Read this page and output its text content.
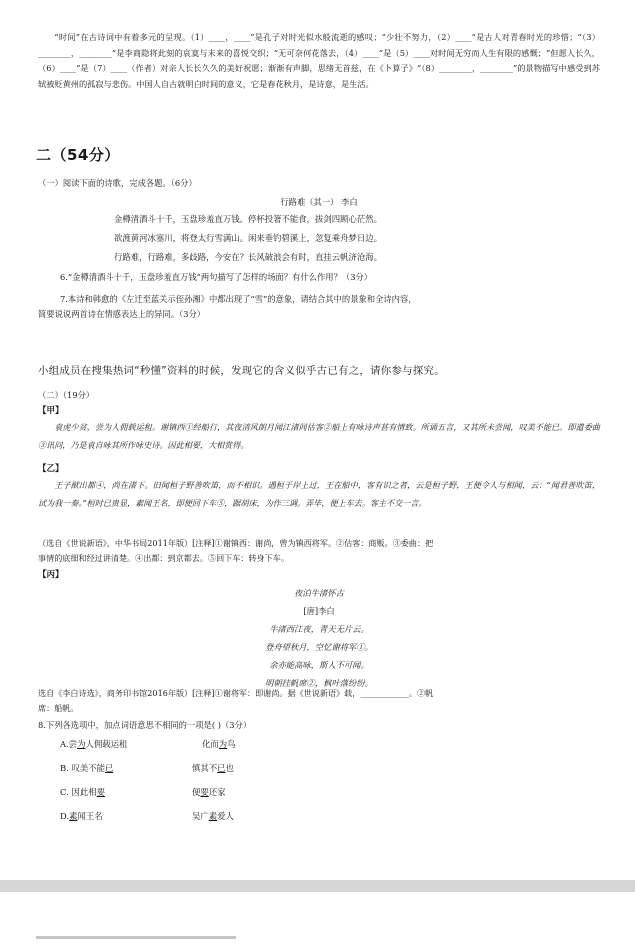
“时间”在古诗词中有着多元的呈现。（1）____，____”是孔子对时光似水般流逝的感叹；“少壮不努力，（2）____”是古人对青春时光的珍惜；“（3）________，________”是李商隐将此刻的哀寞与未来的喜悦交织；“无可奈何花落去，（4）____”是（5）____对时间无穷而人生有限的感慨；“但愿人长久，（6）____”是（7）____（作者）对亲人长长久久的美好祝愿；渐渐有声脚，思绪无首兹，在《卜算子》“（8）________，________”的景物描写中感受到苏轼被贬黄州的孤寂与悲伤。中国人自古就明白时间的意义，它是春花秋月，是诗意，是生活。

二（54分）
（一）阅读下面的诗歌，完成各题。（6分）
行路难（其一） 李白
金樽清酒斗十千，玉盘珍羞直万钱。停杯投箸不能食，拔剑四顾心茫然。
欲渡黄河冰塞川，将登太行雪满山。闲来垂钓碧溪上，忽复乘舟梦日边。
行路难，行路难，多歧路，今安在？长风破浪会有时，直挂云帆济沧海。
6.“金樽清酒斗十千，玉盘珍羞直万钱”两句描写了怎样的场面？有什么作用？（3分）
7.本诗和韩愈的《左迁至蓝关示侄孙湘》中都出现了“雪”的意象，请结合其中的景象和全诗内容，
简要说说两首诗在情感表达上的异同。（3分）
小组成员在搜集热词“秒懂”资料的时候，发现它的含义似乎古已有之，请你参与探究。
（二）（19分）
【甲】

袁虎少贫，尝为人佣载运租。谢镇西①经船行，其夜清风朗月闻江渚间估客②船上有咏诗声甚有情致。所诵五言，又其所未尝闻，叹美不能已。即遣委曲③讯问，乃是袁自咏其所作咏史诗。因此相要，大相赏得。

【乙】

王子猷出都④，尚在渚下。旧闻桓子野善吹笛，而不相识。遇桓于岸上过，王在船中，客有识之者，云是桓子野，王便令人与相闻，云：“闻君善吹笛，试为我一奏。”桓时已贵显，素闻王名，即便回下车⑤，踞胡床，为作三调。弄毕，便上车去。客主不交一言。

（选自《世说新语》，中华书局2011年版）[注释]①谢镇西：谢尚，曾为镇西将军。②估客：商贩。③委曲：把
事情的底细和经过讲清楚。④出都：到京都去。⑤回下车：转身下车。
【丙】
夜泊牛渚怀古
[唐]李白
牛渚西江夜，青天无片云。
登舟望秋月，空忆谢将军①。
余亦能高咏，斯人不可闻。
明朝挂帆席②，枫叶落纷纷。
选自《李白诗选》，商务印书馆2016年版）[注释]①谢将军：即谢尚。据《世说新语》载，____________。②帆
席：船帆。
8.下列各选项中，加点词语意思不相同的一项是( )（3分）
A.尝为人佣载运租	化而为鸟
B. 叹美不能已	慎其不已也
C. 因此相要	便要还家
D.素闻王名	吴广素爱人
